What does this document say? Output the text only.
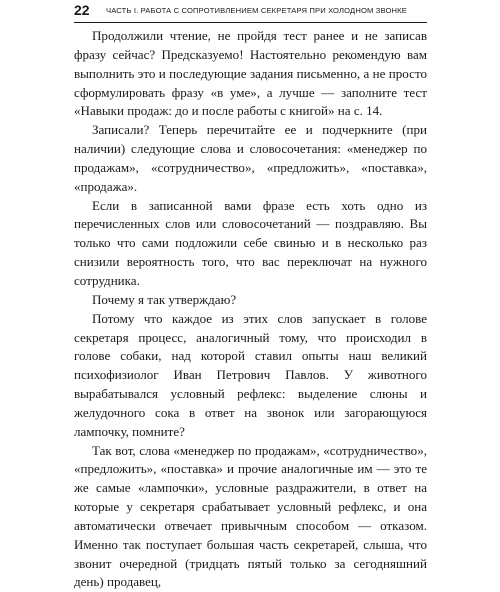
22	ЧАСТЬ I. РАБОТА С СОПРОТИВЛЕНИЕМ СЕКРЕТАРЯ ПРИ ХОЛОДНОМ ЗВОНКЕ

Продолжили чтение, не пройдя тест ранее и не записав фразу сейчас? Предсказуемо! Настоятельно рекомендую вам выполнить это и последующие задания письменно, а не просто сформулировать фразу «в уме», а лучше — заполните тест «Навыки продаж: до и после работы с книгой» на с. 14.

Записали? Теперь перечитайте ее и подчеркните (при наличии) следующие слова и словосочетания: «менеджер по продажам», «сотрудничество», «предложить», «поставка», «продажа».

Если в записанной вами фразе есть хоть одно из перечисленных слов или словосочетаний — поздравляю. Вы только что сами подложили себе свинью и в несколько раз снизили вероятность того, что вас переключат на нужного сотрудника.

Почему я так утверждаю?

Потому что каждое из этих слов запускает в голове секретаря процесс, аналогичный тому, что происходил в голове собаки, над которой ставил опыты наш великий психофизиолог Иван Петрович Павлов. У животного вырабатывался условный рефлекс: выделение слюны и желудочного сока в ответ на звонок или загорающуюся лампочку, помните?

Так вот, слова «менеджер по продажам», «сотрудничество», «предложить», «поставка» и прочие аналогичные им — это те же самые «лампочки», условные раздражители, в ответ на которые у секретаря срабатывает условный рефлекс, и она автоматически отвечает привычным способом — отказом. Именно так поступает большая часть секретарей, слыша, что звонит очередной (тридцать пятый только за сегодняшний день) продавец,
